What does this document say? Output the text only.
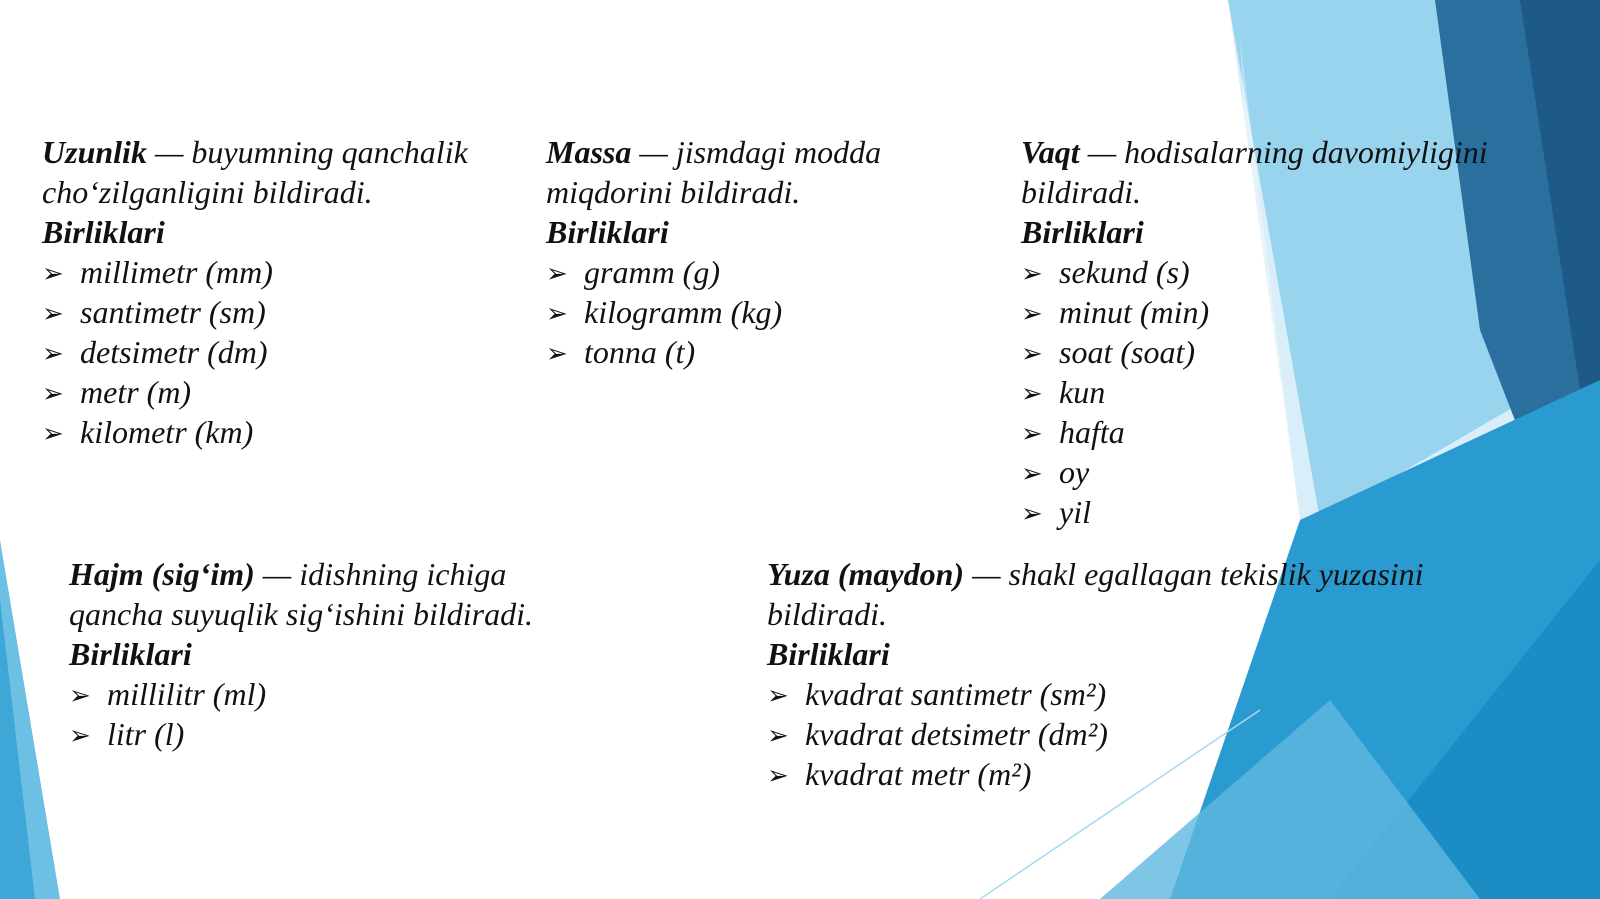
Uzunlik — buyumning qanchalik cho‘zilganligini bildiradi.
Birliklari
➢ millimetr (mm)
➢ santimetr (sm)
➢ detsimetr (dm)
➢ metr (m)
➢ kilometr (km)
Massa — jismdagi modda miqdorini bildiradi.
Birliklari
➢ gramm (g)
➢ kilogramm (kg)
➢ tonna (t)
Vaqt — hodisalarning davomiyligini bildiradi.
Birliklari
➢ sekund (s)
➢ minut (min)
➢ soat (soat)
➢ kun
➢ hafta
➢ oy
➢ yil
Hajm (sig‘im) — idishning ichiga qancha suyuqlik sig‘ishini bildiradi.
Birliklari
➢ millilitr (ml)
➢ litr (l)
Yuza (maydon) — shakl egallagan tekislik yuzasini bildiradi.
Birliklari
➢ kvadrat santimetr (sm²)
➢ kvadrat detsimetr (dm²)
➢ kvadrat metr (m²)
